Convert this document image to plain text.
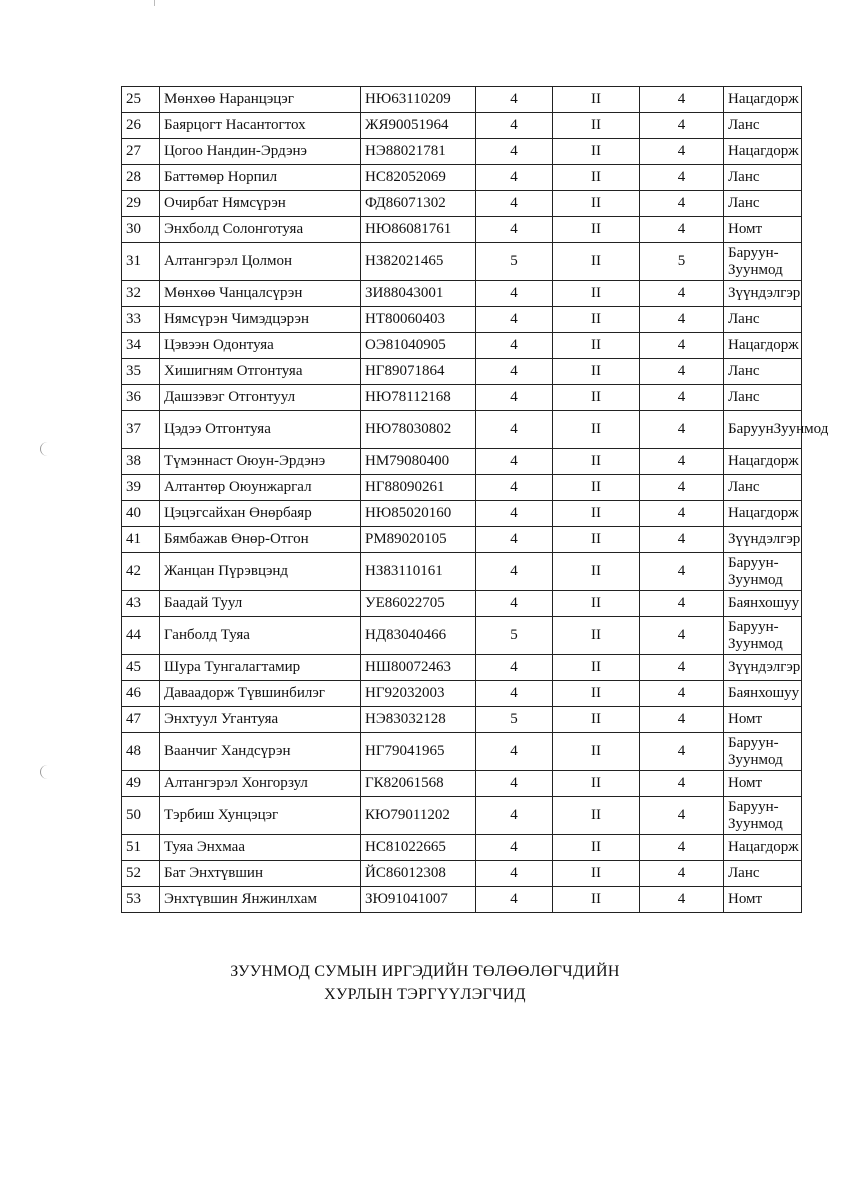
25	Мөнхөө Наранцэцэг	НЮ63110209	4	II	4	Нацагдорж
26	Баярцогт Насантогтох	ЖЯ90051964	4	II	4	Ланс
27	Цогоо Нандин-Эрдэнэ	НЭ88021781	4	II	4	Нацагдорж
28	Баттөмөр Норпил	НС82052069	4	II	4	Ланс
29	Очирбат Нямсүрэн	ФД86071302	4	II	4	Ланс
30	Энхболд Солонготуяа	НЮ86081761	4	II	4	Номт
31	Алтангэрэл Цолмон	НЗ82021465	5	II	5	Баруун-Зуунмод
32	Мөнхөө Чанцалсүрэн	ЗИ88043001	4	II	4	Зүүндэлгэр
33	Нямсүрэн Чимэдцэрэн	НТ80060403	4	II	4	Ланс
34	Цэвээн Одонтуяа	ОЭ81040905	4	II	4	Нацагдорж
35	Хишигням Отгонтуяа	НГ89071864	4	II	4	Ланс
36	Дашзэвэг Отгонтуул	НЮ78112168	4	II	4	Ланс
37	Цэдээ Отгонтуяа	НЮ78030802	4	II	4	БаруунЗуунмод
38	Түмэннаст Оюун-Эрдэнэ	НМ79080400	4	II	4	Нацагдорж
39	Алтантөр Оюунжаргал	НГ88090261	4	II	4	Ланс
40	Цэцэгсайхан Өнөрбаяр	НЮ85020160	4	II	4	Нацагдорж
41	Бямбажав Өнөр-Отгон	РМ89020105	4	II	4	Зүүндэлгэр
42	Жанцан Пүрэвцэнд	НЗ83110161	4	II	4	Баруун-Зуунмод
43	Баадай Туул	УЕ86022705	4	II	4	Баянхошуу
44	Ганболд Туяа	НД83040466	5	II	4	Баруун-Зуунмод
45	Шура Тунгалагтамир	НШ80072463	4	II	4	Зүүндэлгэр
46	Даваадорж Түвшинбилэг	НГ92032003	4	II	4	Баянхошуу
47	Энхтуул Угантуяа	НЭ83032128	5	II	4	Номт
48	Ваанчиг Хандсүрэн	НГ79041965	4	II	4	Баруун-Зуунмод
49	Алтангэрэл Хонгорзул	ГК82061568	4	II	4	Номт
50	Тэрбиш Хунцэцэг	КЮ79011202	4	II	4	Баруун-Зуунмод
51	Туяа Энхмаа	НС81022665	4	II	4	Нацагдорж
52	Бат Энхтүвшин	ЙС86012308	4	II	4	Ланс
53	Энхтүвшин Янжинлхам	ЗЮ91041007	4	II	4	Номт
ЗУУНМОД СУМЫН ИРГЭДИЙН ТӨЛӨӨЛӨГЧДИЙН
ХУРЛЫН ТЭРГҮҮЛЭГЧИД
